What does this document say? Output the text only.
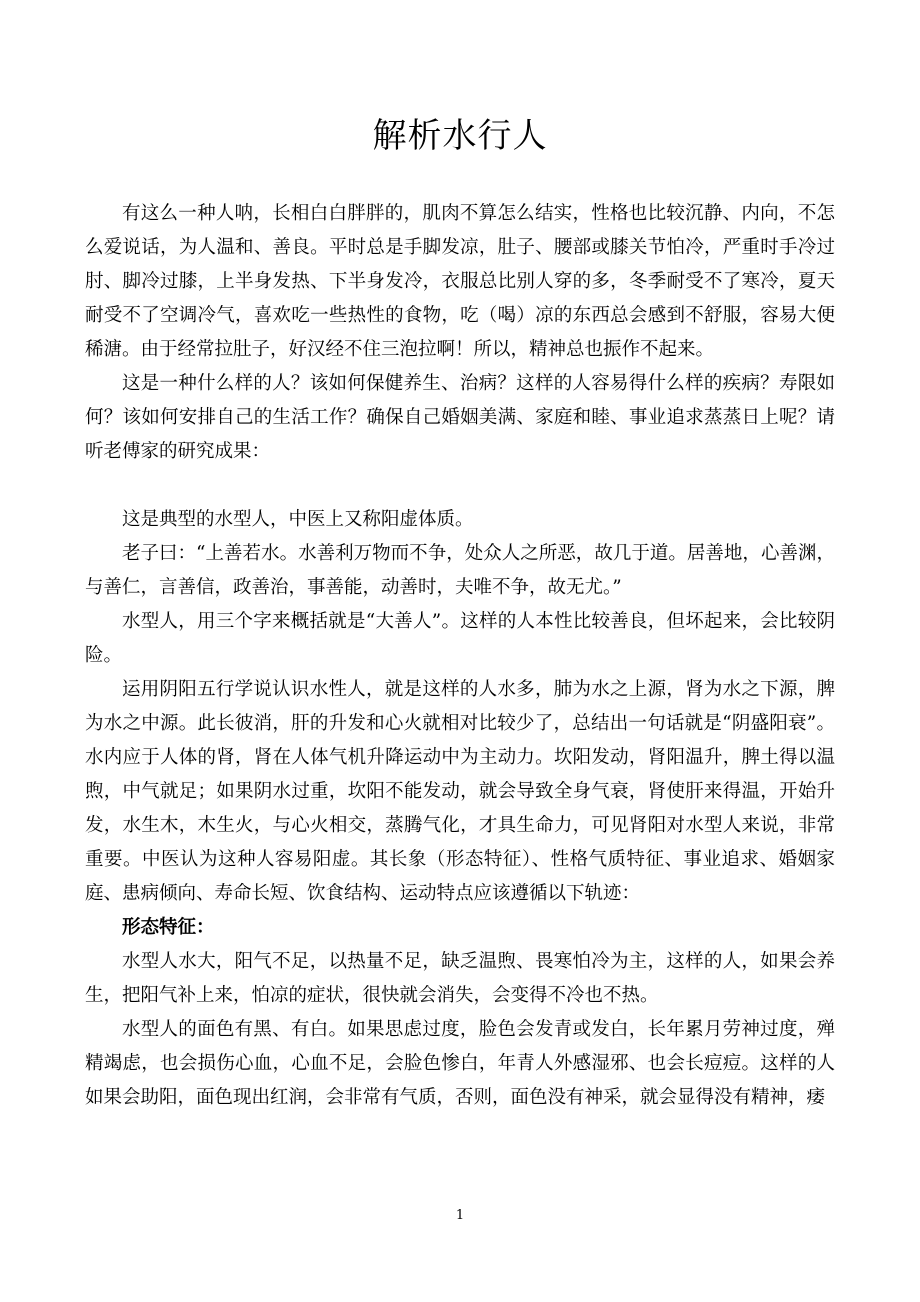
解析水行人

有这么一种人呐，长相白白胖胖的，肌肉不算怎么结实，性格也比较沉静、内向，不怎么爱说话，为人温和、善良。平时总是手脚发凉，肚子、腰部或膝关节怕冷，严重时手冷过肘、脚冷过膝，上半身发热、下半身发冷，衣服总比别人穿的多，冬季耐受不了寒冷，夏天耐受不了空调冷气，喜欢吃一些热性的食物，吃（喝）凉的东西总会感到不舒服，容易大便稀溏。由于经常拉肚子，好汉经不住三泡拉啊！所以，精神总也振作不起来。

这是一种什么样的人？该如何保健养生、治病？这样的人容易得什么样的疾病？寿限如何？该如何安排自己的生活工作？确保自己婚姻美满、家庭和睦、事业追求蒸蒸日上呢？请听老傅家的研究成果：

这是典型的水型人，中医上又称阳虚体质。

老子曰：“上善若水。水善利万物而不争，处众人之所恶，故几于道。居善地，心善渊，与善仁，言善信，政善治，事善能，动善时，夫唯不争，故无尤。”

水型人，用三个字来概括就是“大善人”。这样的人本性比较善良，但坏起来，会比较阴险。

运用阴阳五行学说认识水性人，就是这样的人水多，肺为水之上源，肾为水之下源，脾为水之中源。此长彼消，肝的升发和心火就相对比较少了，总结出一句话就是“阴盛阳衰”。水内应于人体的肾，肾在人体气机升降运动中为主动力。坎阳发动，肾阳温升，脾土得以温煦，中气就足；如果阴水过重，坎阳不能发动，就会导致全身气衰，肾使肝来得温，开始升发，水生木，木生火，与心火相交，蒸腾气化，才具生命力，可见肾阳对水型人来说，非常重要。中医认为这种人容易阳虚。其长象（形态特征）、性格气质特征、事业追求、婚姻家庭、患病倾向、寿命长短、饮食结构、运动特点应该遵循以下轨迹：

形态特征：

水型人水大，阳气不足，以热量不足，缺乏温煦、畏寒怕冷为主，这样的人，如果会养生，把阳气补上来，怕凉的症状，很快就会消失，会变得不冷也不热。

水型人的面色有黑、有白。如果思虑过度，脸色会发青或发白，长年累月劳神过度，殚精竭虑，也会损伤心血，心血不足，会脸色惨白，年青人外感湿邪、也会长痘痘。这样的人如果会助阳，面色现出红润，会非常有气质，否则，面色没有神采，就会显得没有精神，痿

1
